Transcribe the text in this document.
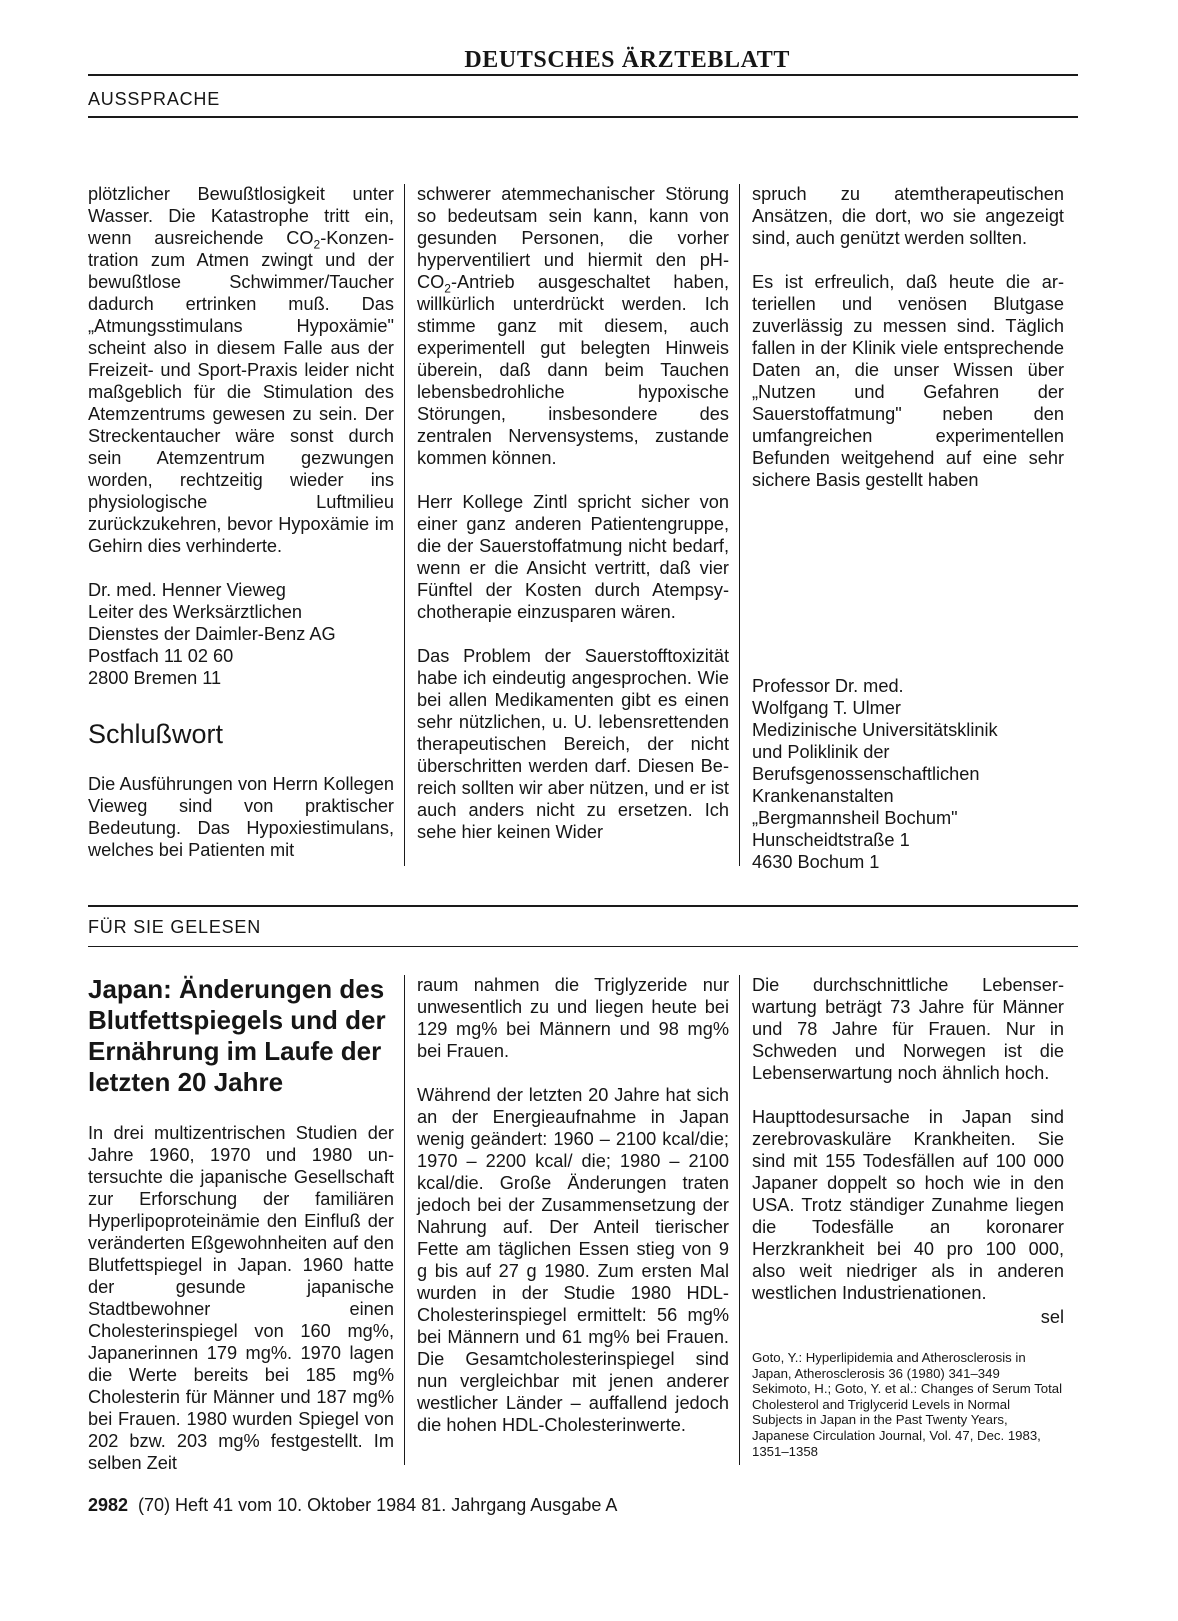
DEUTSCHES ÄRZTEBLATT
AUSSPRACHE

plötzlicher Bewußtlosigkeit unter Wasser. Die Katastrophe tritt ein, wenn ausreichende $CO_2$-Konzentration zum Atmen zwingt und der bewußtlose Schwimmer/Taucher dadurch ertrinken muß. Das „Atmungsstimulans Hypoxämie" scheint also in diesem Falle aus der Freizeit- und Sport-Praxis leider nicht maßgeblich für die Stimulation des Atemzentrums gewesen zu sein. Der Streckentaucher wäre sonst durch sein Atemzentrum gezwungen worden, rechtzeitig wieder ins physiologische Luftmilieu zurückzukehren, bevor Hypoxämie im Gehirn dies verhinderte.

Dr. med. Henner Vieweg
Leiter des Werksärztlichen
Dienstes der Daimler-Benz AG
Postfach 11 02 60
2800 Bremen 11

Schlußwort

Die Ausführungen von Herrn Kollegen Vieweg sind von praktischer Bedeutung. Das Hypoxiestimulans, welches bei Patienten mit

schwerer atemmechanischer Störung so bedeutsam sein kann, kann von gesunden Personen, die vorher hyperventiliert und hiermit den $pH-CO_2$-Antrieb ausgeschaltet haben, willkürlich unterdrückt werden. Ich stimme ganz mit diesem, auch experimentell gut belegten Hinweis überein, daß dann beim Tauchen lebensbedrohliche hypoxische Störungen, insbesondere des zentralen Nervensystems, zustande kommen können.

Herr Kollege Zintl spricht sicher von einer ganz anderen Patientengruppe, die der Sauerstoffatmung nicht bedarf, wenn er die Ansicht vertritt, daß vier Fünftel der Kosten durch Atempsychotherapie einzusparen wären.

Das Problem der Sauerstofftoxizität habe ich eindeutig angesprochen. Wie bei allen Medikamenten gibt es einen sehr nützlichen, u. U. lebensrettenden therapeutischen Bereich, der nicht überschritten werden darf. Diesen Bereich sollten wir aber nützen, und er ist auch anders nicht zu ersetzen. Ich sehe hier keinen Wider

spruch zu atemtherapeutischen Ansätzen, die dort, wo sie angezeigt sind, auch genützt werden sollten.

Es ist erfreulich, daß heute die arteriellen und venösen Blutgase zuverlässig zu messen sind. Täglich fallen in der Klinik viele entsprechende Daten an, die unser Wissen über „Nutzen und Gefahren der Sauerstoffatmung" neben den umfangreichen experimentellen Befunden weitgehend auf eine sehr sichere Basis gestellt haben

Professor Dr. med.
Wolfgang T. Ulmer
Medizinische Universitätsklinik
und Poliklinik der
Berufsgenossenschaftlichen
Krankenanstalten
„Bergmannsheil Bochum"
Hunscheidtstraße 1
4630 Bochum 1

FÜR SIE GELESEN
Japan: Änderungen des Blutfettspiegels und der Ernährung im Laufe der letzten 20 Jahre

In drei multizentrischen Studien der Jahre 1960, 1970 und 1980 untersuchte die japanische Gesellschaft zur Erforschung der familiären Hyperlipoproteinämie den Einfluß der veränderten Eßgewohnheiten auf den Blutfettspiegel in Japan. 1960 hatte der gesunde japanische Stadtbewohner einen Cholesterinspiegel von 160 mg%, Japanerinnen 179 mg%. 1970 lagen die Werte bereits bei 185 mg% Cholesterin für Männer und 187 mg% bei Frauen. 1980 wurden Spiegel von 202 bzw. 203 mg% festgestellt. Im selben Zeit

raum nahmen die Triglyzeride nur unwesentlich zu und liegen heute bei 129 mg% bei Männern und 98 mg% bei Frauen.

Während der letzten 20 Jahre hat sich an der Energieaufnahme in Japan wenig geändert: 1960 – 2100 kcal/die; 1970 – 2200 kcal/ die; 1980 – 2100 kcal/die. Große Änderungen traten jedoch bei der Zusammensetzung der Nahrung auf. Der Anteil tierischer Fette am täglichen Essen stieg von 9 g bis auf 27 g 1980. Zum ersten Mal wurden in der Studie 1980 HDL-Cholesterinspiegel ermittelt: 56 mg% bei Männern und 61 mg% bei Frauen. Die Gesamtcholesterinspiegel sind nun vergleichbar mit jenen anderer westlicher Länder – auffallend jedoch die hohen HDL-Cholesterinwerte.

Die durchschnittliche Lebenserwartung beträgt 73 Jahre für Männer und 78 Jahre für Frauen. Nur in Schweden und Norwegen ist die Lebenserwartung noch ähnlich hoch.

Haupttodesursache in Japan sind zerebrovaskuläre Krankheiten. Sie sind mit 155 Todesfällen auf 100 000 Japaner doppelt so hoch wie in den USA. Trotz ständiger Zunahme liegen die Todesfälle an koronarer Herzkrankheit bei 40 pro 100 000, also weit niedriger als in anderen westlichen Industrienationen.

sel
Goto, Y.: Hyperlipidemia and Atherosclerosis in Japan, Atherosclerosis 36 (1980) 341–349
Sekimoto, H.; Goto, Y. et al.: Changes of Serum Total Cholesterol and Triglycerid Levels in Normal Subjects in Japan in the Past Twenty Years, Japanese Circulation Journal, Vol. 47, Dec. 1983, 1351–1358
2982 (70) Heft 41 vom 10. Oktober 1984 81. Jahrgang Ausgabe A
